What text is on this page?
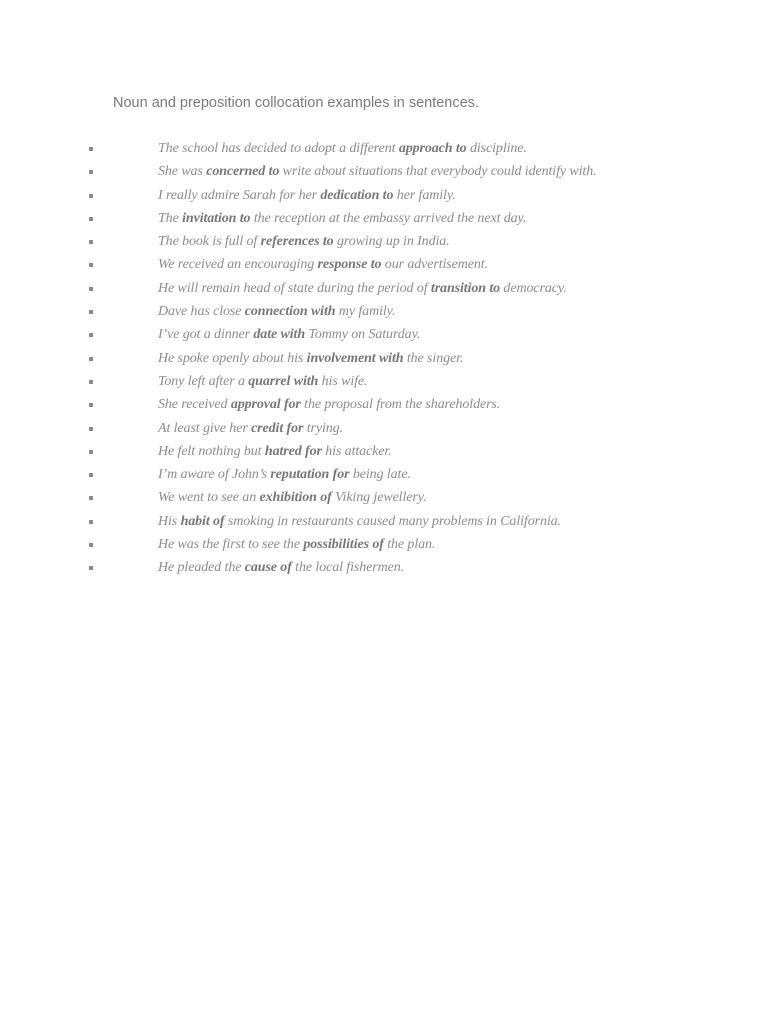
Noun and preposition collocation examples in sentences.
The school has decided to adopt a different approach to discipline.
She was concerned to write about situations that everybody could identify with.
I really admire Sarah for her dedication to her family.
The invitation to the reception at the embassy arrived the next day.
The book is full of references to growing up in India.
We received an encouraging response to our advertisement.
He will remain head of state during the period of transition to democracy.
Dave has close connection with my family.
I’ve got a dinner date with Tommy on Saturday.
He spoke openly about his involvement with the singer.
Tony left after a quarrel with his wife.
She received approval for the proposal from the shareholders.
At least give her credit for trying.
He felt nothing but hatred for his attacker.
I’m aware of John’s reputation for being late.
We went to see an exhibition of Viking jewellery.
His habit of smoking in restaurants caused many problems in California.
He was the first to see the possibilities of the plan.
He pleaded the cause of the local fishermen.
